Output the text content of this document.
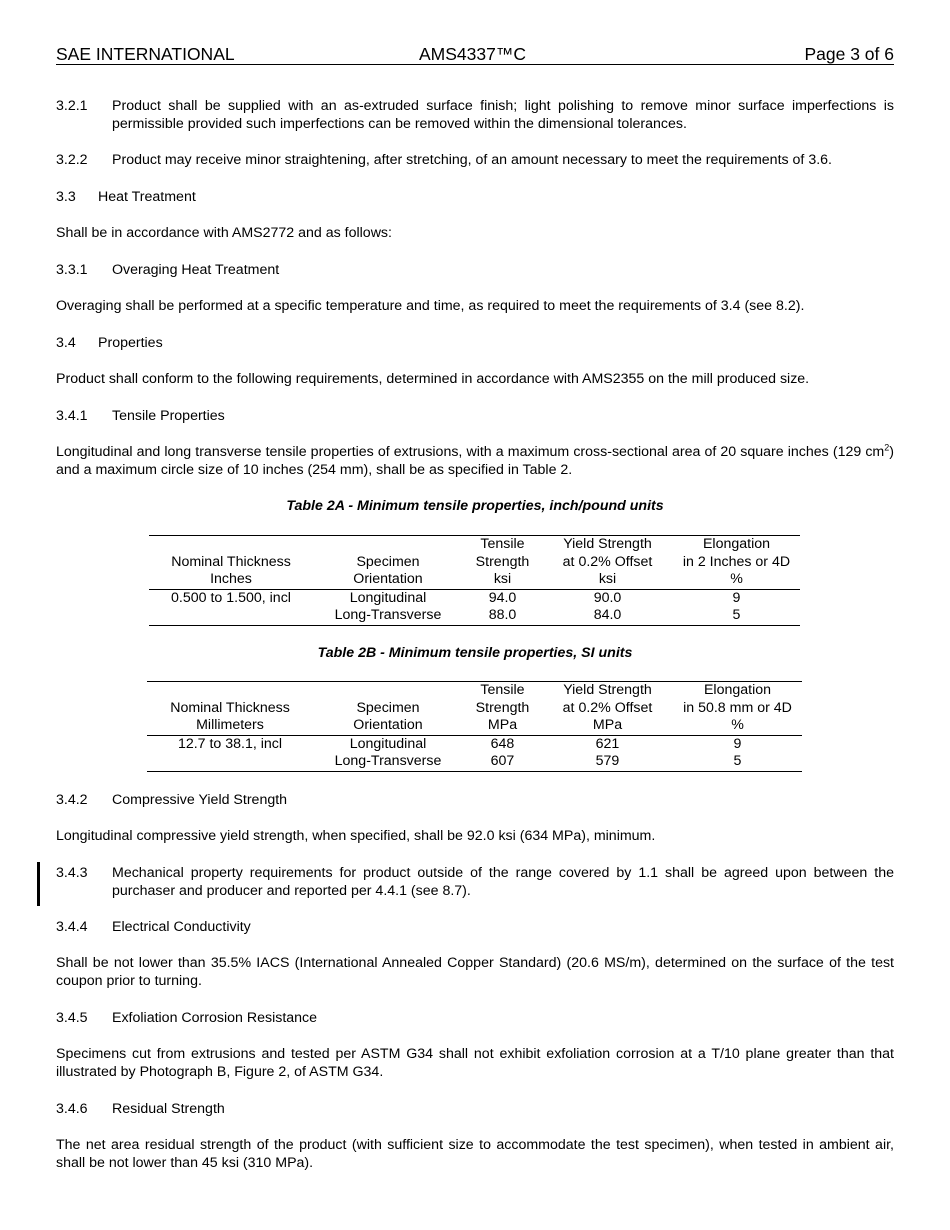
SAE INTERNATIONAL	AMS4337™C	Page 3 of 6
3.2.1 Product shall be supplied with an as-extruded surface finish; light polishing to remove minor surface imperfections is permissible provided such imperfections can be removed within the dimensional tolerances.
3.2.2 Product may receive minor straightening, after stretching, of an amount necessary to meet the requirements of 3.6.
3.3 Heat Treatment
Shall be in accordance with AMS2772 and as follows:
3.3.1 Overaging Heat Treatment
Overaging shall be performed at a specific temperature and time, as required to meet the requirements of 3.4 (see 8.2).
3.4 Properties
Product shall conform to the following requirements, determined in accordance with AMS2355 on the mill produced size.
3.4.1 Tensile Properties
Longitudinal and long transverse tensile properties of extrusions, with a maximum cross-sectional area of 20 square inches (129 $cm^2$) and a maximum circle size of 10 inches (254 mm), shall be as specified in Table 2.
Table 2A - Minimum tensile properties, inch/pound units
		Tensile	Yield Strength	Elongation
Nominal Thickness	Specimen	Strength	at 0.2% Offset	in 2 Inches or 4D
Inches	Orientation	ksi	ksi	%
0.500 to 1.500, incl	Longitudinal	94.0	90.0	9
	Long-Transverse	88.0	84.0	5
Table 2B - Minimum tensile properties, SI units
		Tensile	Yield Strength	Elongation
Nominal Thickness	Specimen	Strength	at 0.2% Offset	in 50.8 mm or 4D
Millimeters	Orientation	MPa	MPa	%
12.7 to 38.1, incl	Longitudinal	648	621	9
	Long-Transverse	607	579	5
3.4.2 Compressive Yield Strength
Longitudinal compressive yield strength, when specified, shall be 92.0 ksi (634 MPa), minimum.
3.4.3 Mechanical property requirements for product outside of the range covered by 1.1 shall be agreed upon between the purchaser and producer and reported per 4.4.1 (see 8.7).
3.4.4 Electrical Conductivity
Shall be not lower than 35.5% IACS (International Annealed Copper Standard) (20.6 MS/m), determined on the surface of the test coupon prior to turning.
3.4.5 Exfoliation Corrosion Resistance
Specimens cut from extrusions and tested per ASTM G34 shall not exhibit exfoliation corrosion at a T/10 plane greater than that illustrated by Photograph B, Figure 2, of ASTM G34.
3.4.6 Residual Strength
The net area residual strength of the product (with sufficient size to accommodate the test specimen), when tested in ambient air, shall be not lower than 45 ksi (310 MPa).
